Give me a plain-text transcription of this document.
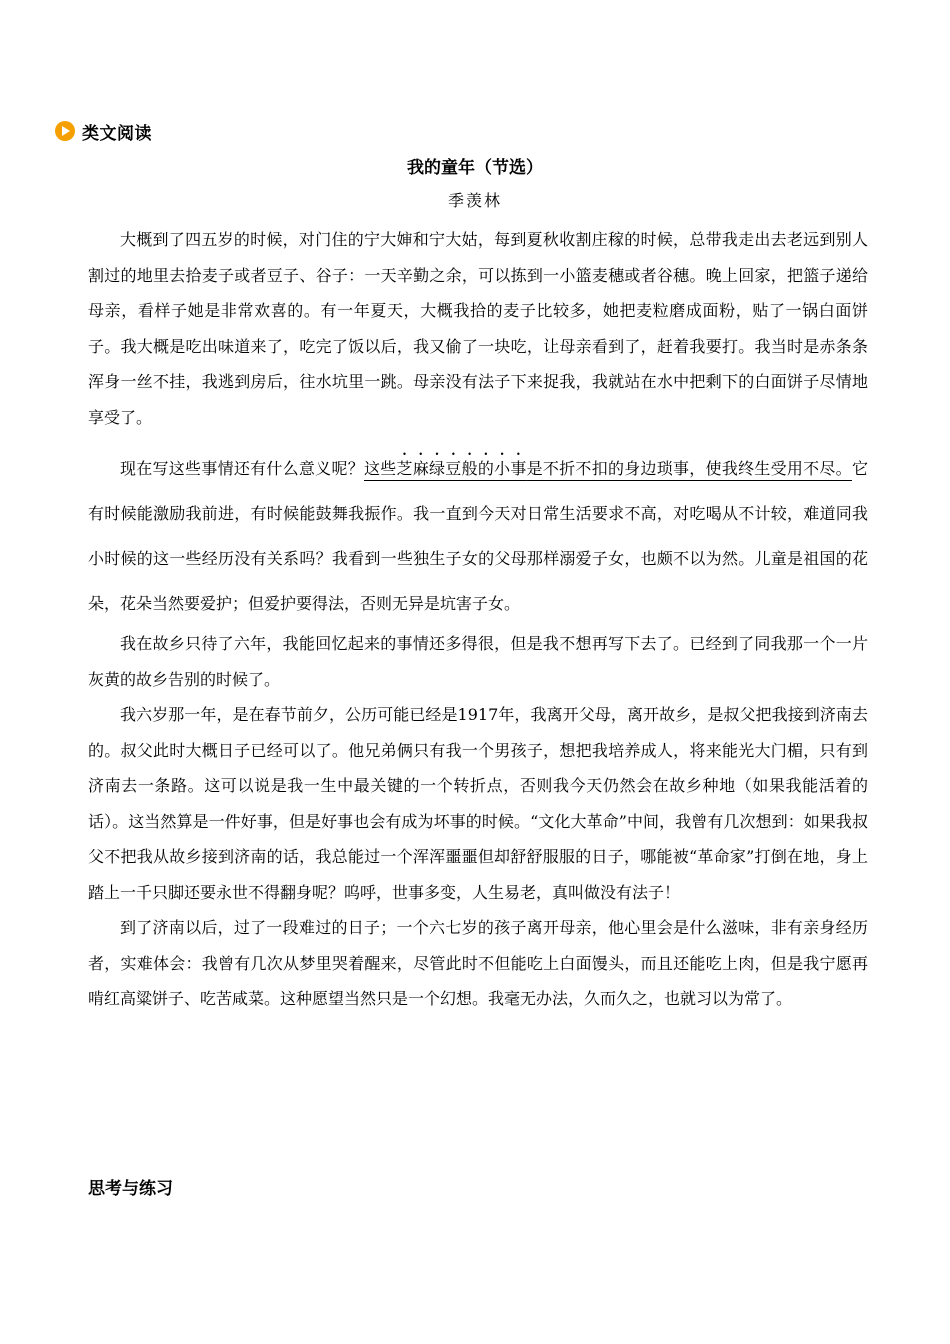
类文阅读
我的童年（节选）
季羡林

大概到了四五岁的时候，对门住的宁大婶和宁大姑，每到夏秋收割庄稼的时候，总带我走出去老远到别人割过的地里去拾麦子或者豆子、谷子：一天辛勤之余，可以拣到一小篮麦穗或者谷穗。晚上回家，把篮子递给母亲，看样子她是非常欢喜的。有一年夏天，大概我拾的麦子比较多，她把麦粒磨成面粉，贴了一锅白面饼子。我大概是吃出味道来了，吃完了饭以后，我又偷了一块吃，让母亲看到了，赶着我要打。我当时是赤条条浑身一丝不挂，我逃到房后，往水坑里一跳。母亲没有法子下来捉我，我就站在水中把剩下的白面饼子尽情地享受了。

现在写这些事情还有什么意义呢？这些芝麻绿豆般的小事是不折不扣的身边琐事，使我终生受用不尽。它有时候能激励我前进，有时候能鼓舞我振作。我一直到今天对日常生活要求不高，对吃喝从不计较，难道同我小时候的这一些经历没有关系吗？我看到一些独生子女的父母那样溺爱子女，也颇不以为然。儿童是祖国的花朵，花朵当然要爱护；但爱护要得法，否则无异是坑害子女。

我在故乡只待了六年，我能回忆起来的事情还多得很，但是我不想再写下去了。已经到了同我那一个一片灰黄的故乡告别的时候了。

我六岁那一年，是在春节前夕，公历可能已经是1917年，我离开父母，离开故乡，是叔父把我接到济南去的。叔父此时大概日子已经可以了。他兄弟俩只有我一个男孩子，想把我培养成人，将来能光大门楣，只有到济南去一条路。这可以说是我一生中最关键的一个转折点，否则我今天仍然会在故乡种地（如果我能活着的话）。这当然算是一件好事，但是好事也会有成为坏事的时候。“文化大革命”中间，我曾有几次想到：如果我叔父不把我从故乡接到济南的话，我总能过一个浑浑噩噩但却舒舒服服的日子，哪能被“革命家”打倒在地，身上踏上一千只脚还要永世不得翻身呢？呜呼，世事多变，人生易老，真叫做没有法子！

到了济南以后，过了一段难过的日子；一个六七岁的孩子离开母亲，他心里会是什么滋味，非有亲身经历者，实难体会：我曾有几次从梦里哭着醒来，尽管此时不但能吃上白面馒头，而且还能吃上肉，但是我宁愿再啃红高粱饼子、吃苦咸菜。这种愿望当然只是一个幻想。我毫无办法，久而久之，也就习以为常了。

思考与练习
